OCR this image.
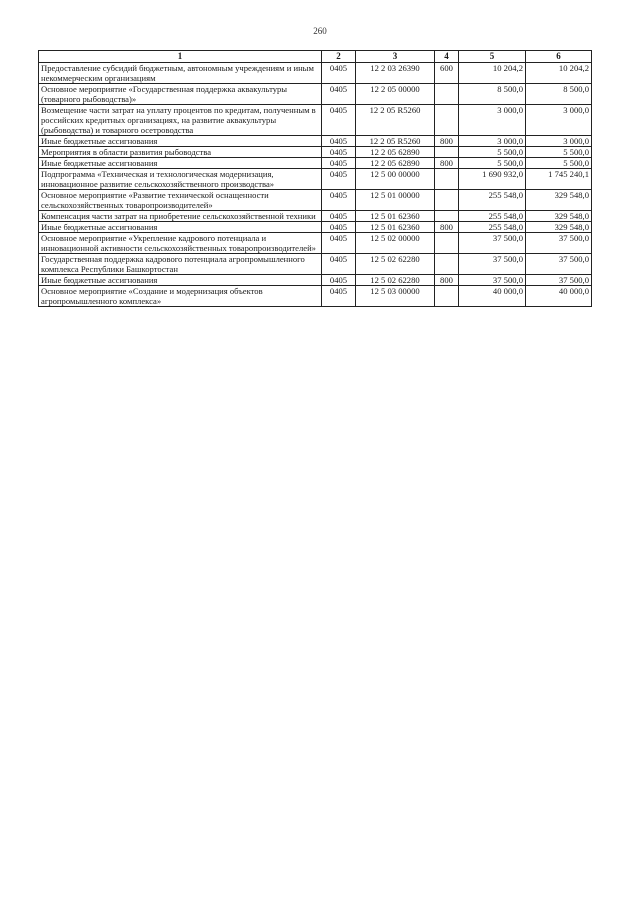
260
1	2	3	4	5	6
Предоставление субсидий бюджетным, автономным учреждениям и иным некоммерческим организациям	0405	12 2 03 26390	600	10 204,2	10 204,2
Основное мероприятие «Государственная поддержка аквакультуры (товарного рыбоводства)»	0405	12 2 05 00000		8 500,0	8 500,0
Возмещение части затрат на уплату процентов по кредитам, полученным в российских кредитных организациях, на развитие аквакультуры (рыбоводства) и товарного осетроводства	0405	12 2 05 R5260		3 000,0	3 000,0
Иные бюджетные ассигнования	0405	12 2 05 R5260	800	3 000,0	3 000,0
Мероприятия в области развития рыбоводства	0405	12 2 05 62890		5 500,0	5 500,0
Иные бюджетные ассигнования	0405	12 2 05 62890	800	5 500,0	5 500,0
Подпрограмма «Техническая и технологическая модернизация, инновационное развитие сельскохозяйственного производства»	0405	12 5 00 00000		1 690 932,0	1 745 240,1
Основное мероприятие «Развитие технической оснащенности сельскохозяйственных товаропроизводителей»	0405	12 5 01 00000		255 548,0	329 548,0
Компенсация части затрат на приобретение сельскохозяйственной техники	0405	12 5 01 62360		255 548,0	329 548,0
Иные бюджетные ассигнования	0405	12 5 01 62360	800	255 548,0	329 548,0
Основное мероприятие «Укрепление кадрового потенциала и инновационной активности сельскохозяйственных товаропроизводителей»	0405	12 5 02 00000		37 500,0	37 500,0
Государственная поддержка кадрового потенциала агропромышленного комплекса Республики Башкортостан	0405	12 5 02 62280		37 500,0	37 500,0
Иные бюджетные ассигнования	0405	12 5 02 62280	800	37 500,0	37 500,0
Основное мероприятие «Создание и модернизация объектов агропромышленного комплекса»	0405	12 5 03 00000		40 000,0	40 000,0
